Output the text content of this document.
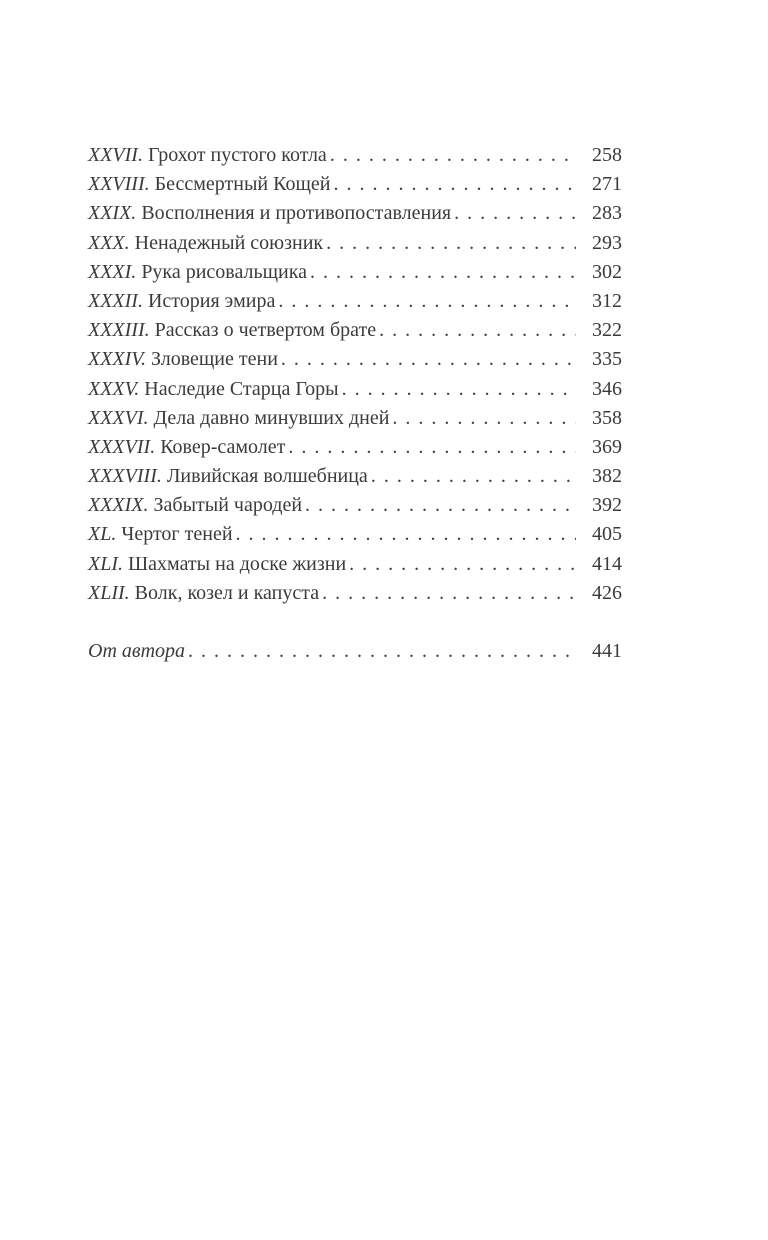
XXVII. Грохот пустого котла . . .	258
XXVIII. Бессмертный Кощей . . .	271
XXIX. Восполнения и противопоставления . . .	283
XXX. Ненадежный союзник . . .	293
XXXI. Рука рисовальщика . . .	302
XXXII. История эмира . . .	312
XXXIII. Рассказ о четвертом брате . . .	322
XXXIV. Зловещие тени . . .	335
XXXV. Наследие Старца Горы . . .	346
XXXVI. Дела давно минувших дней . . .	358
XXXVII. Ковер-самолет . . .	369
XXXVIII. Ливийская волшебница . . .	382
XXXIX. Забытый чародей . . .	392
XL. Чертог теней . . .	405
XLI. Шахматы на доске жизни . . .	414
XLII. Волк, козел и капуста . . .	426
От автора . . .	441
